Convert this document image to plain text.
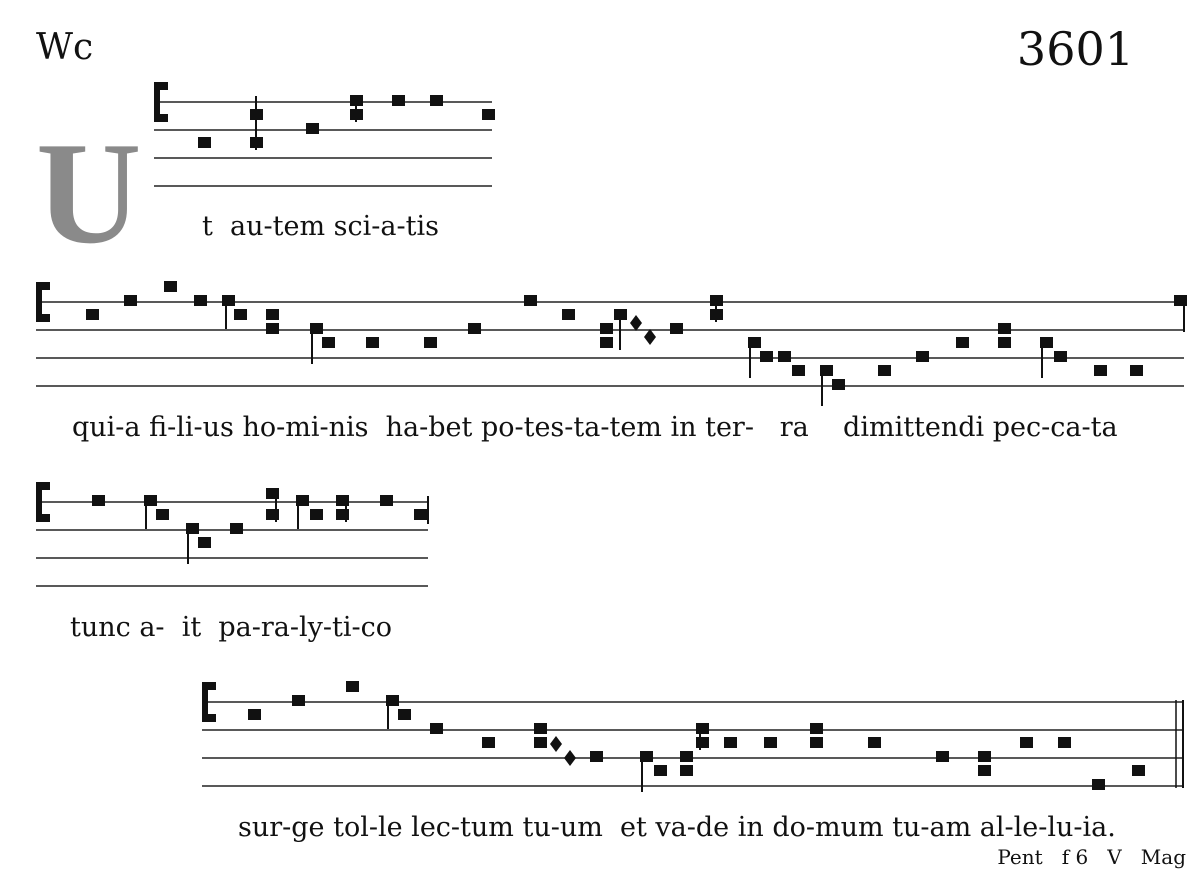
Wc	3601
U t  au-tem sci-a-tis
qui-a fi-li-us ho-mi-nis  ha-bet po-tes-ta-tem in ter-   ra    dimittendi pec-ca-ta
tunc a-  it  pa-ra-ly-ti-co
sur-ge tol-le lec-tum tu-um  et va-de in do-mum tu-am al-le-lu-ia.
Pent   f 6   V   Mag
